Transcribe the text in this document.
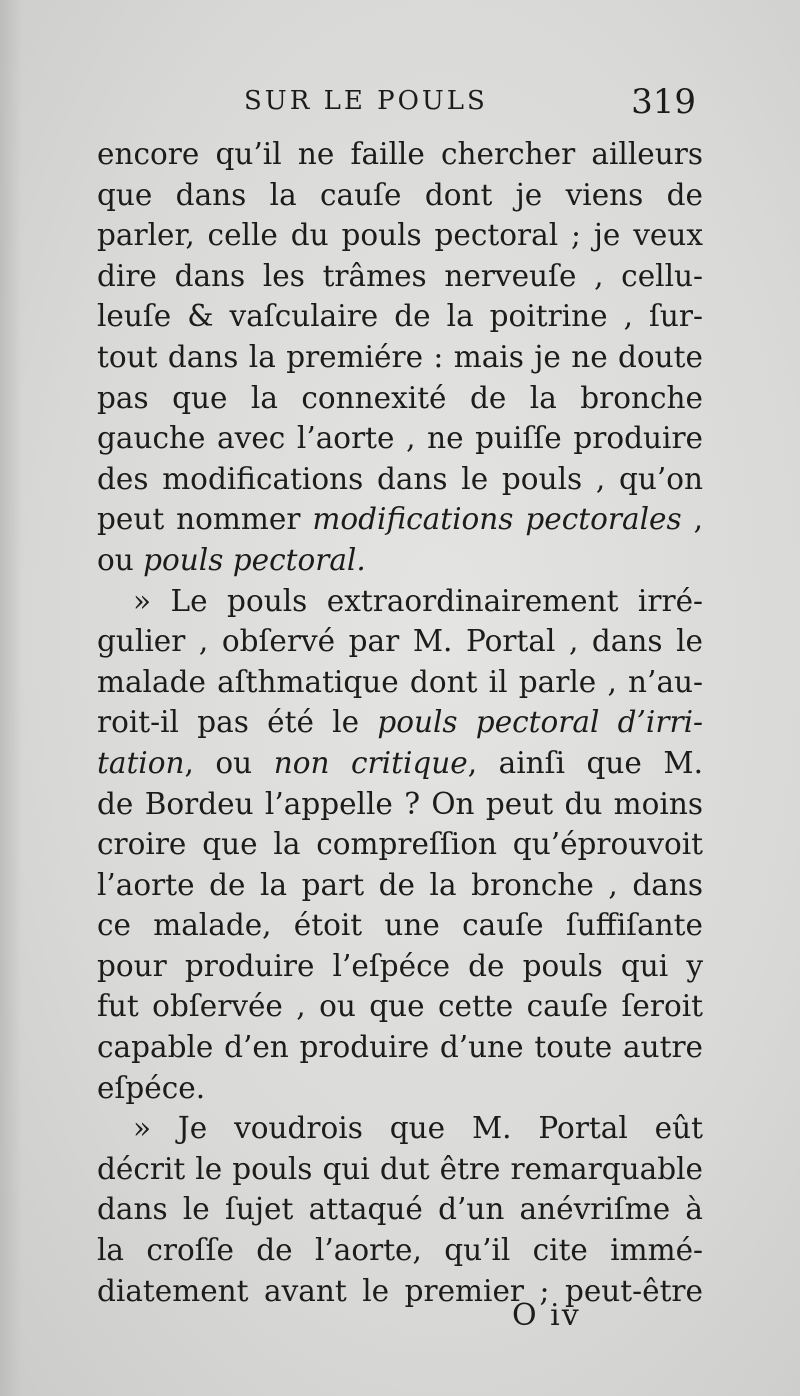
SUR LE POULS	319
encore qu’il ne faille chercher ailleurs
que dans la cauſe dont je viens de
parler, celle du pouls pectoral ; je veux
dire dans les trâmes nerveuſe , cellu-
leuſe & vaſculaire de la poitrine , ſur-
tout dans la premiére : mais je ne doute
pas que la connexité de la bronche
gauche avec l’aorte , ne puiſſe produire
des modifications dans le pouls , qu’on
peut nommer modifications pectorales ,
ou pouls pectoral.
» Le pouls extraordinairement irré-
gulier , obſervé par M. Portal , dans le
malade aſthmatique dont il parle , n’au-
roit-il pas été le pouls pectoral d’irri-
tation, ou non critique, ainſi que M.
de Bordeu l’appelle ? On peut du moins
croire que la compreſſion qu’éprouvoit
l’aorte de la part de la bronche , dans
ce malade, étoit une cauſe ſuffiſante
pour produire l’eſpéce de pouls qui y
fut obſervée , ou que cette cauſe ſeroit
capable d’en produire d’une toute autre
eſpéce.
» Je voudrois que M. Portal eût
décrit le pouls qui dut être remarquable
dans le ſujet attaqué d’un anévriſme à
la croſſe de l’aorte, qu’il cite immé-
diatement avant le premier ; peut-être
O iv
